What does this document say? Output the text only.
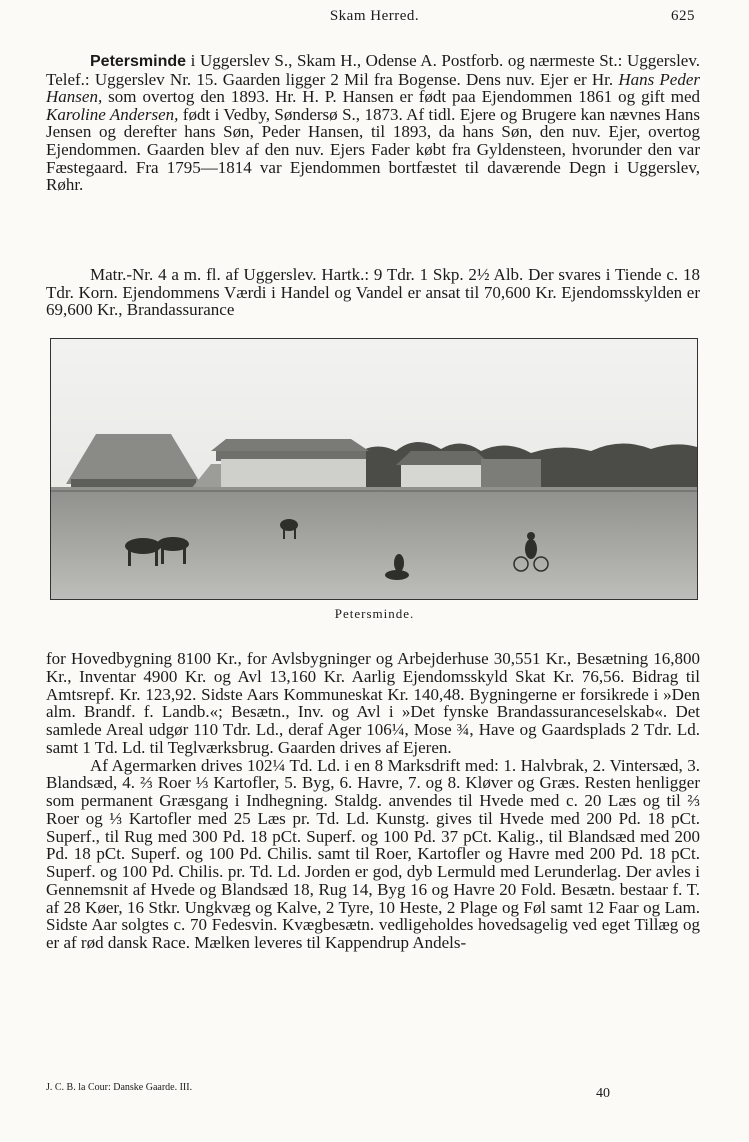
Skam Herred.	625

Petersminde i Uggerslev S., Skam H., Odense A. Postforb. og nærmeste St.: Uggerslev. Telef.: Uggerslev Nr. 15. Gaarden ligger 2 Mil fra Bogense. Dens nuv. Ejer er Hr. Hans Peder Hansen, som overtog den 1893. Hr. H. P. Hansen er født paa Ejendommen 1861 og gift med Karoline Andersen, født i Vedby, Søndersø S., 1873. Af tidl. Ejere og Brugere kan nævnes Hans Jensen og derefter hans Søn, Peder Hansen, til 1893, da hans Søn, den nuv. Ejer, overtog Ejendommen. Gaarden blev af den nuv. Ejers Fader købt fra Gyldensteen, hvorunder den var Fæstegaard. Fra 1795—1814 var Ejendommen bortfæstet til daværende Degn i Uggerslev, Røhr.

Matr.-Nr. 4 a m. fl. af Uggerslev. Hartk.: 9 Tdr. 1 Skp. 2½ Alb. Der svares i Tiende c. 18 Tdr. Korn. Ejendommens Værdi i Handel og Vandel er ansat til 70,600 Kr. Ejendomsskylden er 69,600 Kr., Brandassurance

Petersminde.

for Hovedbygning 8100 Kr., for Avlsbygninger og Arbejderhuse 30,551 Kr., Besætning 16,800 Kr., Inventar 4900 Kr. og Avl 13,160 Kr. Aarlig Ejendomsskyld Skat Kr. 76,56. Bidrag til Amtsrepf. Kr. 123,92. Sidste Aars Kommuneskat Kr. 140,48. Bygningerne er forsikrede i »Den alm. Brandf. f. Landb.«; Besætn., Inv. og Avl i »Det fynske Brandassuranceselskab«. Det samlede Areal udgør 110 Tdr. Ld., deraf Ager 106¼, Mose ¾, Have og Gaardsplads 2 Tdr. Ld. samt 1 Td. Ld. til Teglværksbrug. Gaarden drives af Ejeren.

Af Agermarken drives 102¼ Td. Ld. i en 8 Marksdrift med: 1. Halvbrak, 2. Vintersæd, 3. Blandsæd, 4. ⅔ Roer ⅓ Kartofler, 5. Byg, 6. Havre, 7. og 8. Kløver og Græs. Resten henligger som permanent Græsgang i Indhegning. Staldg. anvendes til Hvede med c. 20 Læs og til ⅔ Roer og ⅓ Kartofler med 25 Læs pr. Td. Ld. Kunstg. gives til Hvede med 200 Pd. 18 pCt. Superf., til Rug med 300 Pd. 18 pCt. Superf. og 100 Pd. 37 pCt. Kalig., til Blandsæd med 200 Pd. 18 pCt. Superf. og 100 Pd. Chilis. samt til Roer, Kartofler og Havre med 200 Pd. 18 pCt. Superf. og 100 Pd. Chilis. pr. Td. Ld. Jorden er god, dyb Lermuld med Lerunderlag. Der avles i Gennemsnit af Hvede og Blandsæd 18, Rug 14, Byg 16 og Havre 20 Fold. Besætn. bestaar f. T. af 28 Køer, 16 Stkr. Ungkvæg og Kalve, 2 Tyre, 10 Heste, 2 Plage og Føl samt 12 Faar og Lam. Sidste Aar solgtes c. 70 Fedesvin. Kvægbesætn. vedligeholdes hovedsagelig ved eget Tillæg og er af rød dansk Race. Mælken leveres til Kappendrup Andels-

J. C. B. la Cour: Danske Gaarde. III.	40
